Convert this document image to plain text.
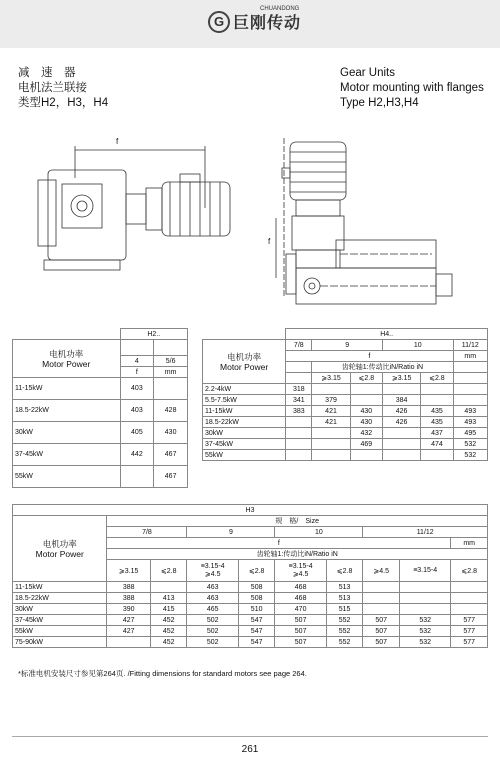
G
CHUANDONG
巨刚传动
减　速　器
电机法兰联接
类型H2，H3，H4
Gear Units
Motor mounting with flanges
Type H2,H3,H4
f
f
	H2..	
电机功率
Motor Power		
	4	5/6
	f	mm
11-15kW	403	
18.5-22kW	403	428
30kW	405	430
37-45kW	442	467
55kW		467
	H4..					
电机功率
Motor Power	7/8	9		10		11/12
	f					mm
		齿轮轴1:传动比iN/Ratio iN				
		⩾3.15	⩽2.8	⩾3.15	⩽2.8	
2.2-4kW	318					
5.5-7.5kW	341	379		384		
11-15kW	383	421	430	426	435	493
18.5-22kW		421	430	426	435	493
30kW			432		437	495
37-45kW			469		474	532
55kW						532
H3									
电机功率
Motor Power	规　格/　Size								
	7/8		9		10		11/12		
	f								mm
	齿轮轴1:传动比iN/Ratio iN								
	⩾3.15	⩽2.8	≡3.15-4
⩾4.5	⩽2.8	≡3.15-4
⩾4.5	⩽2.8	⩾4.5	≡3.15-4	⩽2.8
11-15kW	388		463	508	468	513			
18.5-22kW	388	413	463	508	468	513			
30kW	390	415	465	510	470	515			
37-45kW	427	452	502	547	507	552	507	532	577
55kW	427	452	502	547	507	552	507	532	577
75-90kW		452	502	547	507	552	507	532	577
*标准电机安装尺寸参见第264页. /Fitting dimensions for standard motors see page 264.
261
